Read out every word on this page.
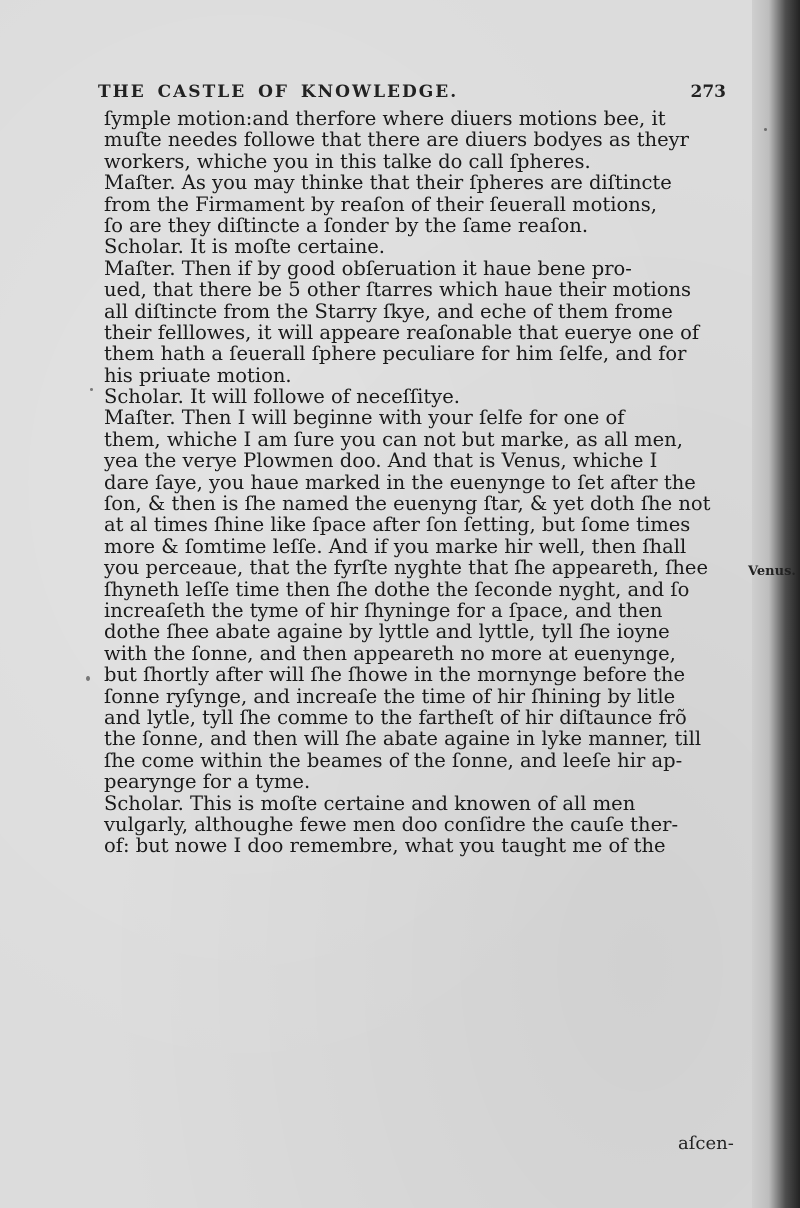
THE CASTLE OF KNOWLEDGE.	273
Venus.
ſymple motion:and therfore where diuers motions bee, it
muſte needes followe that there are diuers bodyes as theyr
workers, whiche you in this talke do call ſpheres.
Maſter. As you may thinke that their ſpheres are diſtincte
from the Firmament by reaſon of their ſeuerall motions,
ſo are they diſtincte a ſonder by the ſame reaſon.
Scholar. It is moſte certaine.
Maſter. Then if by good obſeruation it haue bene pro-
ued, that there be 5 other ſtarres which haue their motions
all diſtincte from the Starry ſkye, and eche of them frome
their felllowes, it will appeare reaſonable that euerye one of
them hath a ſeuerall ſphere peculiare for him ſelfe, and for
his priuate motion.
Scholar. It will followe of neceſſitye.
Maſter. Then I will beginne with your ſelfe for one of
them, whiche I am ſure you can not but marke, as all men,
yea the verye Plowmen doo. And that is Venus, whiche I
dare ſaye, you haue marked in the euenynge to ſet after the
ſon, & then is ſhe named the euenyng ſtar, & yet doth ſhe not
at al times ſhine like ſpace after ſon ſetting, but ſome times
more & ſomtime leſſe. And if you marke hir well, then ſhall
you perceaue, that the fyrſte nyghte that ſhe appeareth, ſhee
ſhyneth leſſe time then ſhe dothe the ſeconde nyght, and ſo
increaſeth the tyme of hir ſhyninge for a ſpace, and then
dothe ſhee abate againe by lyttle and lyttle, tyll ſhe ioyne
with the ſonne, and then appeareth no more at euenynge,
but ſhortly after will ſhe ſhowe in the mornynge before the
ſonne ryſynge, and increaſe the time of hir ſhining by litle
and lytle, tyll ſhe comme to the fartheſt of hir diſtaunce frõ
the ſonne, and then will ſhe abate againe in lyke manner, till
ſhe come within the beames of the ſonne, and leeſe hir ap-
pearynge for a tyme.
Scholar. This is moſte certaine and knowen of all men
vulgarly, althoughe fewe men doo conſidre the cauſe ther-
of: but nowe I doo remembre, what you taught me of the
aſcen-
